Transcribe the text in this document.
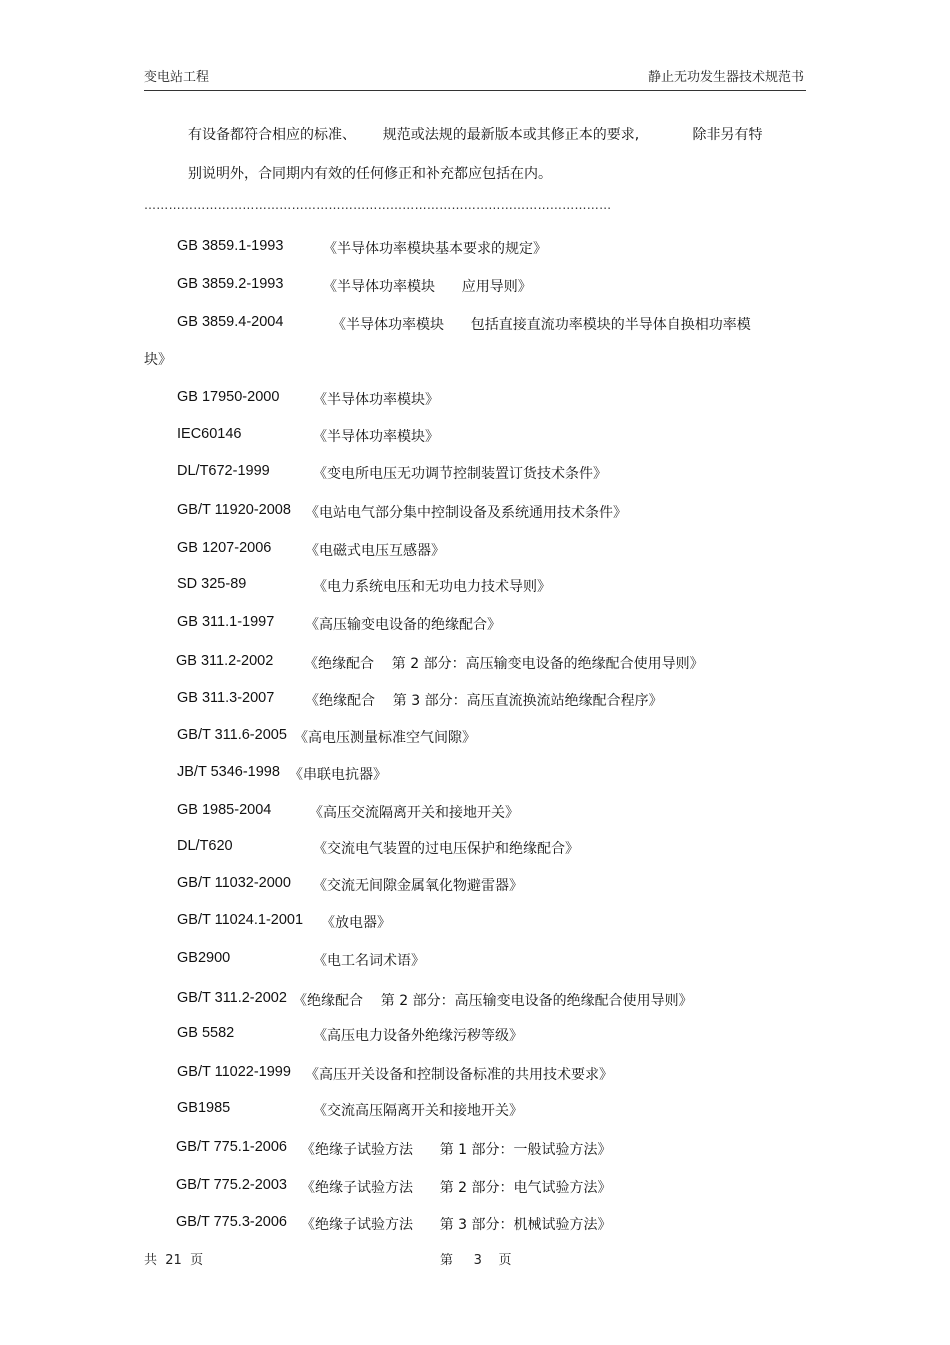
变电站工程	静止无功发生器技术规范书
有设备都符合相应的标准、      规范或法规的最新版本或其修正本的要求,            除非另有特
别说明外，合同期内有效的任何修正和补充都应包括在内。
……………………………………………………………………………………………………
GB 3859.1-1993	《半导体功率模块基本要求的规定》
GB 3859.2-1993	《半导体功率模块      应用导则》
GB 3859.4-2004	《半导体功率模块      包括直接直流功率模块的半导体自换相功率模
块》
GB 17950-2000 《半导体功率模块》
IEC60146	《半导体功率模块》
DL/T672-1999	《变电所电压无功调节控制装置订货技术条件》
GB/T 11920-2008 《电站电气部分集中控制设备及系统通用技术条件》
GB 1207-2006 《电磁式电压互感器》
SD 325-89	《电力系统电压和无功电力技术导则》
GB 311.1-1997 《高压输变电设备的绝缘配合》
GB 311.2-2002 《绝缘配合    第 2 部分：高压输变电设备的绝缘配合使用导则》
GB 311.3-2007 《绝缘配合    第 3 部分：高压直流换流站绝缘配合程序》
GB/T 311.6-2005 《高电压测量标准空气间隙》
JB/T 5346-1998 《串联电抗器》
GB 1985-2004	《高压交流隔离开关和接地开关》
DL/T620	《交流电气装置的过电压保护和绝缘配合》
GB/T 11032-2000 《交流无间隙金属氧化物避雷器》
GB/T 11024.1-2001 《放电器》
GB2900	《电工名词术语》
GB/T 311.2-2002 《绝缘配合    第 2 部分：高压输变电设备的绝缘配合使用导则》
GB 5582	《高压电力设备外绝缘污秽等级》
GB/T 11022-1999 《高压开关设备和控制设备标准的共用技术要求》
GB1985	《交流高压隔离开关和接地开关》
GB/T 775.1-2006 《绝缘子试验方法      第 1 部分：一般试验方法》
GB/T 775.2-2003 《绝缘子试验方法      第 2 部分：电气试验方法》
GB/T 775.3-2006 《绝缘子试验方法      第 3 部分：机械试验方法》
共  21  页	第     3    页
